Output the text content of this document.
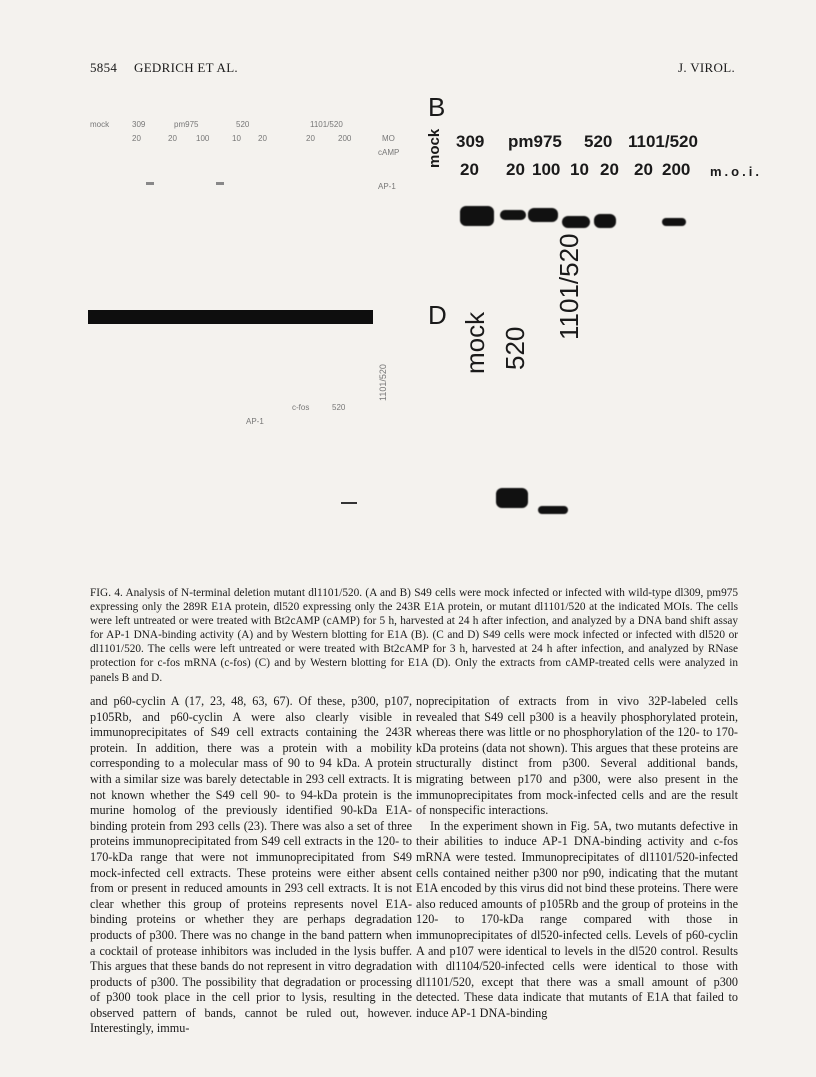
5854 GEDRICH ET AL.	J. VIROL.
mock	309	pm975	520	1101/520
MO
20	20 100	10 20	20	200
cAMP
AP-1
B
mock 309 pm975 520 1101/520
20 20 100 10 20 20 200 m.o.i.
1101/520
520
c-fos
AP-1
D mock 520
1101/520
FIG. 4. Analysis of N-terminal deletion mutant dl1101/520. (A and B) S49 cells were mock infected or infected with wild-type dl309, pm975 expressing only the 289R E1A protein, dl520 expressing only the 243R E1A protein, or mutant dl1101/520 at the indicated MOIs. The cells were left untreated or were treated with Bt2cAMP (cAMP) for 5 h, harvested at 24 h after infection, and analyzed by a DNA band shift assay for AP-1 DNA-binding activity (A) and by Western blotting for E1A (B). (C and D) S49 cells were mock infected or infected with dl520 or dl1101/520. The cells were left untreated or were treated with Bt2cAMP for 3 h, harvested at 24 h after infection, and analyzed by RNase protection for c-fos mRNA (c-fos) (C) and by Western blotting for E1A (D). Only the extracts from cAMP-treated cells were analyzed in panels B and D.

and p60-cyclin A (17, 23, 48, 63, 67). Of these, p300, p107, p105Rb, and p60-cyclin A were also clearly visible in immunoprecipitates of S49 cell extracts containing the 243R protein. In addition, there was a protein with a mobility corresponding to a molecular mass of 90 to 94 kDa. A protein with a similar size was barely detectable in 293 cell extracts. It is not known whether the S49 cell 90- to 94-kDa protein is the murine homolog of the previously identified 90-kDa E1A-binding protein from 293 cells (23). There was also a set of three proteins immunoprecipitated from S49 cell extracts in the 120- to 170-kDa range that were not immunoprecipitated from S49 mock-infected cell extracts. These proteins were either absent from or present in reduced amounts in 293 cell extracts. It is not clear whether this group of proteins represents novel E1A-binding proteins or whether they are perhaps degradation products of p300. There was no change in the band pattern when a cocktail of protease inhibitors was included in the lysis buffer. This argues that these bands do not represent in vitro degradation products of p300. The possibility that degradation or processing of p300 took place in the cell prior to lysis, resulting in the observed pattern of bands, cannot be ruled out, however. Interestingly, immu-

noprecipitation of extracts from in vivo 32P-labeled cells revealed that S49 cell p300 is a heavily phosphorylated protein, whereas there was little or no phosphorylation of the 120- to 170-kDa proteins (data not shown). This argues that these proteins are structurally distinct from p300. Several additional bands, migrating between p170 and p300, were also present in the immunoprecipitates from mock-infected cells and are the result of nonspecific interactions.

In the experiment shown in Fig. 5A, two mutants defective in their abilities to induce AP-1 DNA-binding activity and c-fos mRNA were tested. Immunoprecipitates of dl1101/520-infected cells contained neither p300 nor p90, indicating that the mutant E1A encoded by this virus did not bind these proteins. There were also reduced amounts of p105Rb and the group of proteins in the 120- to 170-kDa range compared with those in immunoprecipitates of dl520-infected cells. Levels of p60-cyclin A and p107 were identical to levels in the dl520 control. Results with dl1104/520-infected cells were identical to those with dl1101/520, except that there was a small amount of p300 detected. These data indicate that mutants of E1A that failed to induce AP-1 DNA-binding
